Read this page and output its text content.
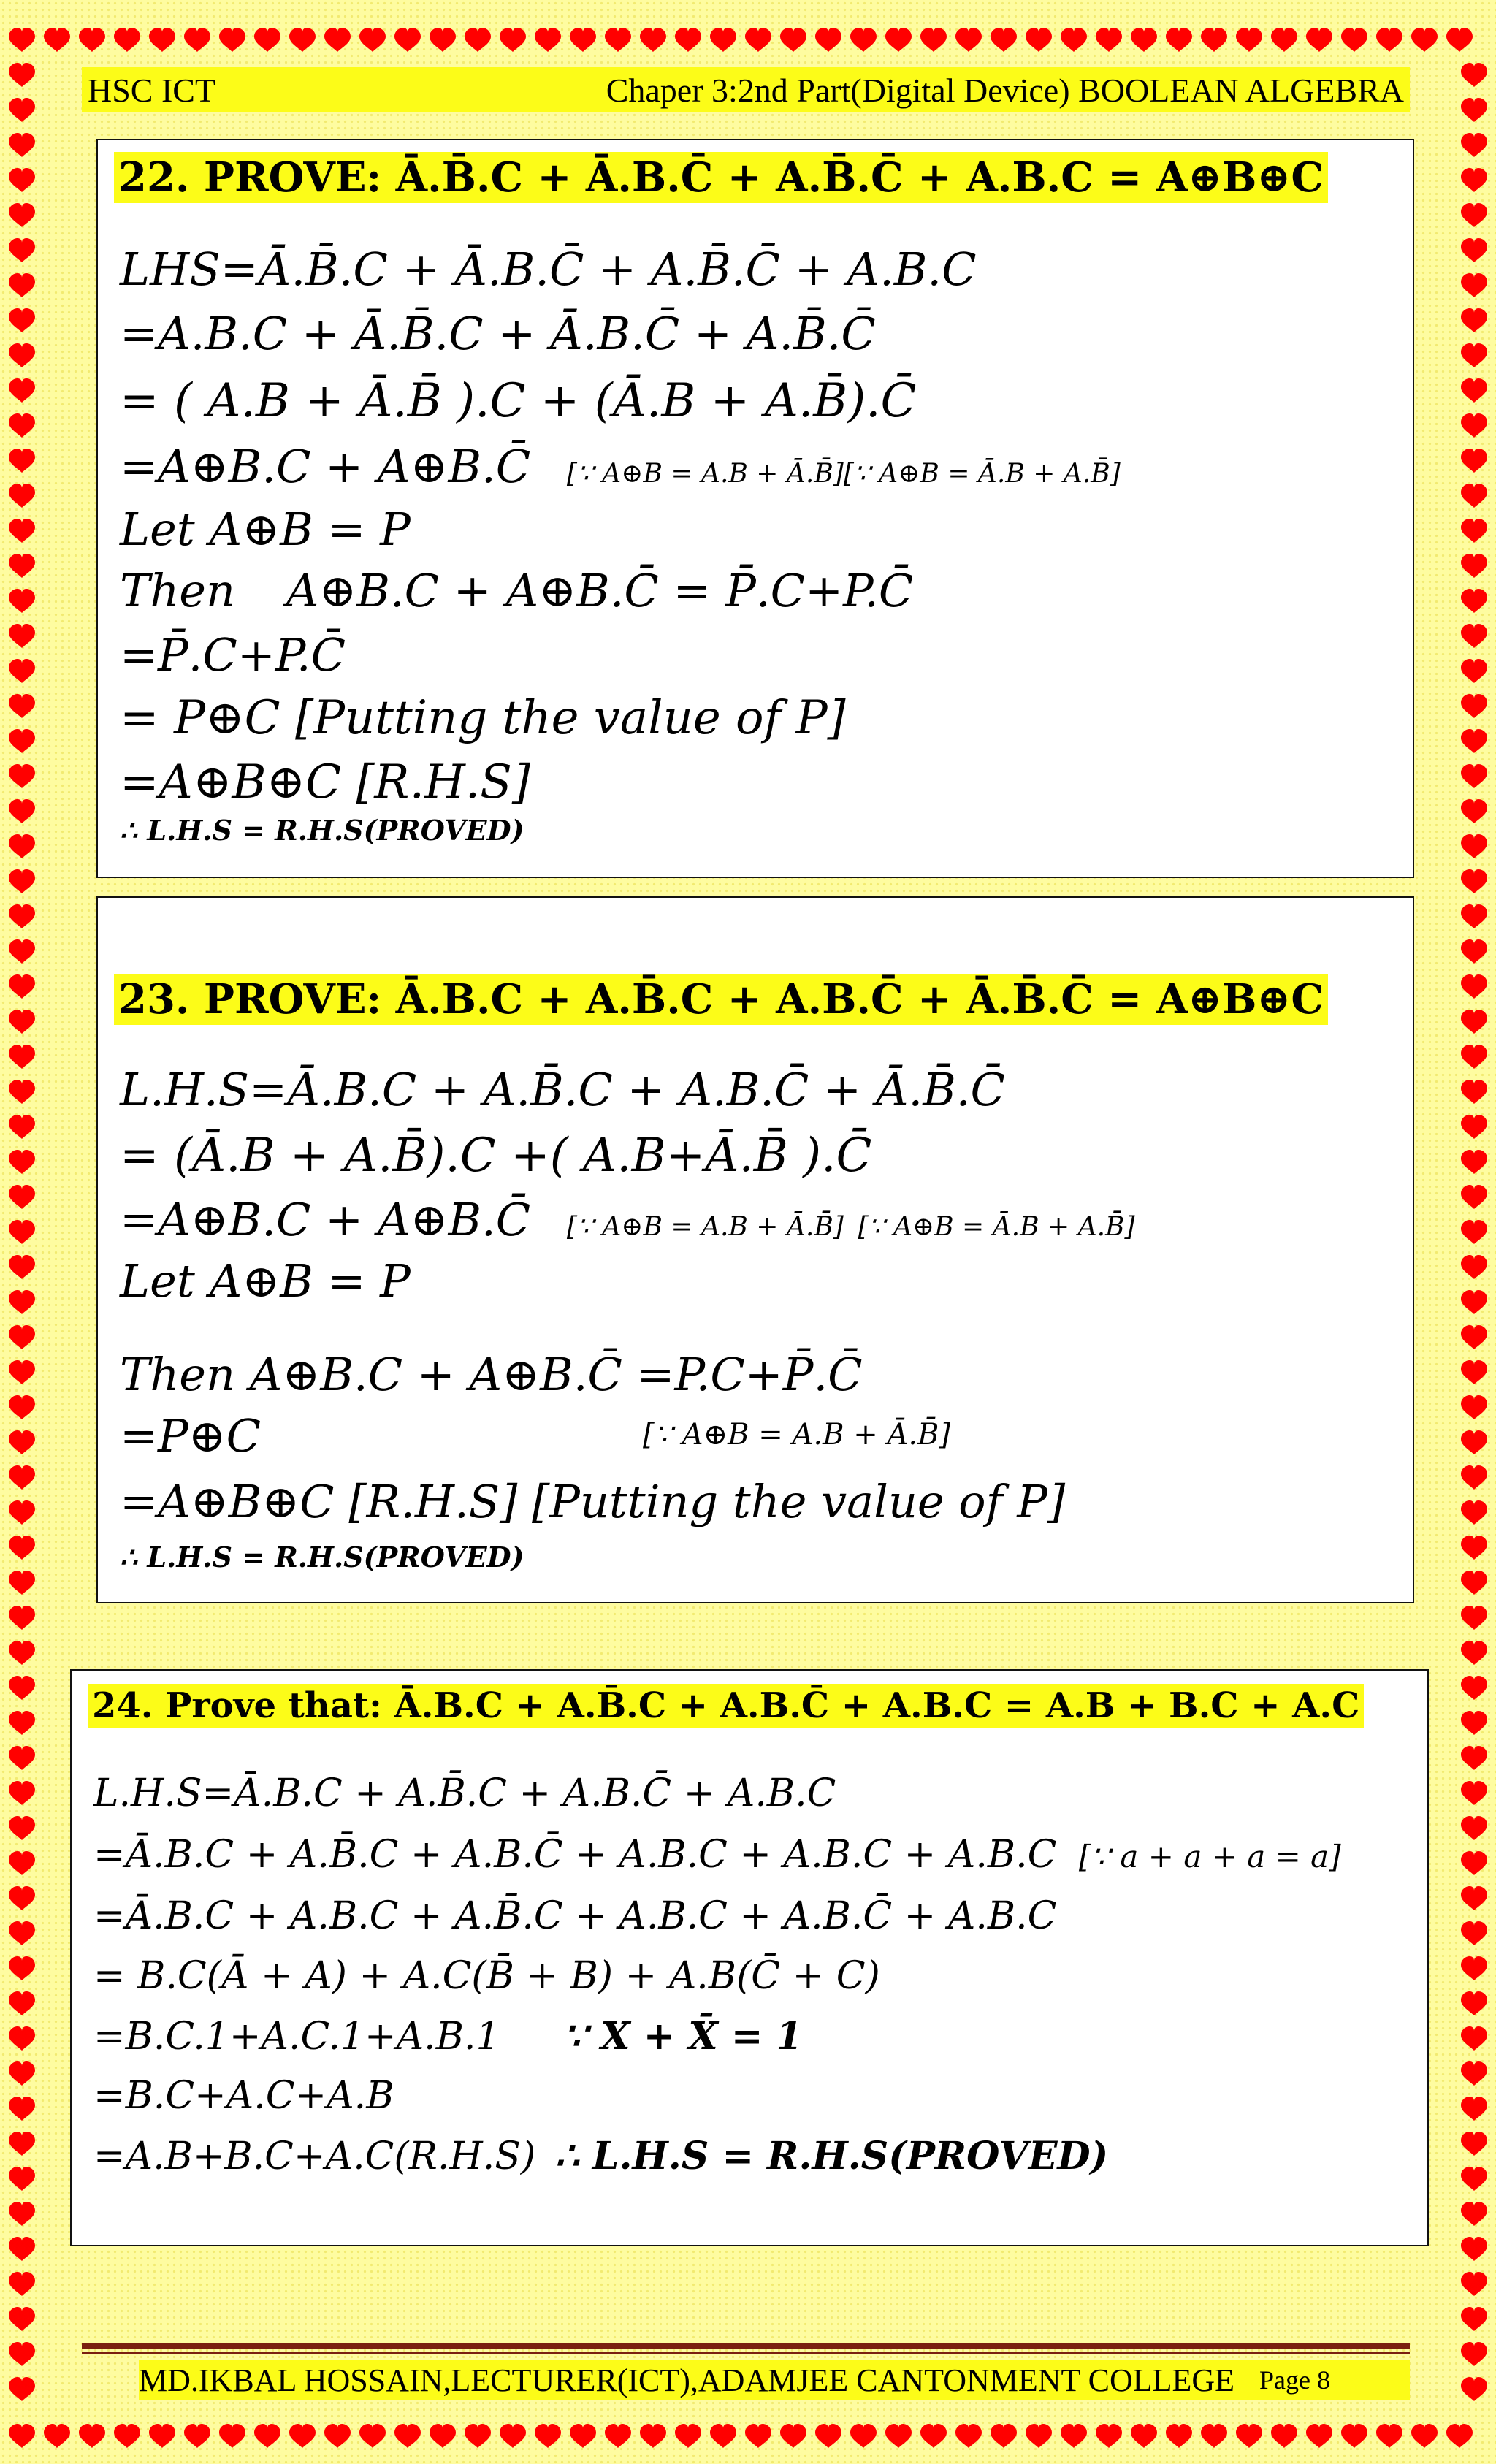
HSC ICT	Chaper 3:2nd Part(Digital Device) BOOLEAN ALGEBRA
22. PROVE: Ā.B̄.C + Ā.B.C̄ + A.B̄.C̄ + A.B.C = A⊕B⊕C
LHS=Ā.B̄.C + Ā.B.C̄ + A.B̄.C̄ + A.B.C
=A.B.C + Ā.B̄.C + Ā.B.C̄ + A.B̄.C̄
= ( A.B + Ā.B̄ ).C + (Ā.B + A.B̄).C̄
=A⊕B.C + A⊕B.C̄ [∵ A⊕B = A.B + Ā.B̄][∵ A⊕B = Ā.B + A.B̄]
Let A⊕B = P
Then A⊕B.C + A⊕B.C̄ = P̄.C+P.C̄
=P̄.C+P.C̄
= P⊕C [Putting the value of P]
=A⊕B⊕C [R.H.S]
∴ L.H.S = R.H.S(PROVED)
23. PROVE: Ā.B.C + A.B̄.C + A.B.C̄ + Ā.B̄.C̄ = A⊕B⊕C
L.H.S=Ā.B.C + A.B̄.C + A.B.C̄ + Ā.B̄.C̄
= (Ā.B + A.B̄).C +( A.B+Ā.B̄ ).C̄
=A⊕B.C + A⊕B.C̄ [∵ A⊕B = A.B + Ā.B̄] [∵ A⊕B = Ā.B + A.B̄]
Let A⊕B = P
Then A⊕B.C + A⊕B.C̄ =P.C+P̄.C̄
=P⊕C	[∵ A⊕B = A.B + Ā.B̄]
=A⊕B⊕C [R.H.S] [Putting the value of P]
∴ L.H.S = R.H.S(PROVED)
24. Prove that: Ā.B.C + A.B̄.C + A.B.C̄ + A.B.C = A.B + B.C + A.C
L.H.S=Ā.B.C + A.B̄.C + A.B.C̄ + A.B.C
=Ā.B.C + A.B̄.C + A.B.C̄ + A.B.C + A.B.C + A.B.C [∵ a + a + a = a]
=Ā.B.C + A.B.C + A.B̄.C + A.B.C + A.B.C̄ + A.B.C
= B.C(Ā + A) + A.C(B̄ + B) + A.B(C̄ + C)
=B.C.1+A.C.1+A.B.1 ∵ X + X̄ = 1
=B.C+A.C+A.B
=A.B+B.C+A.C(R.H.S) ∴ L.H.S = R.H.S(PROVED)
MD.IKBAL HOSSAIN,LECTURER(ICT),ADAMJEE CANTONMENT COLLEGE Page 8
